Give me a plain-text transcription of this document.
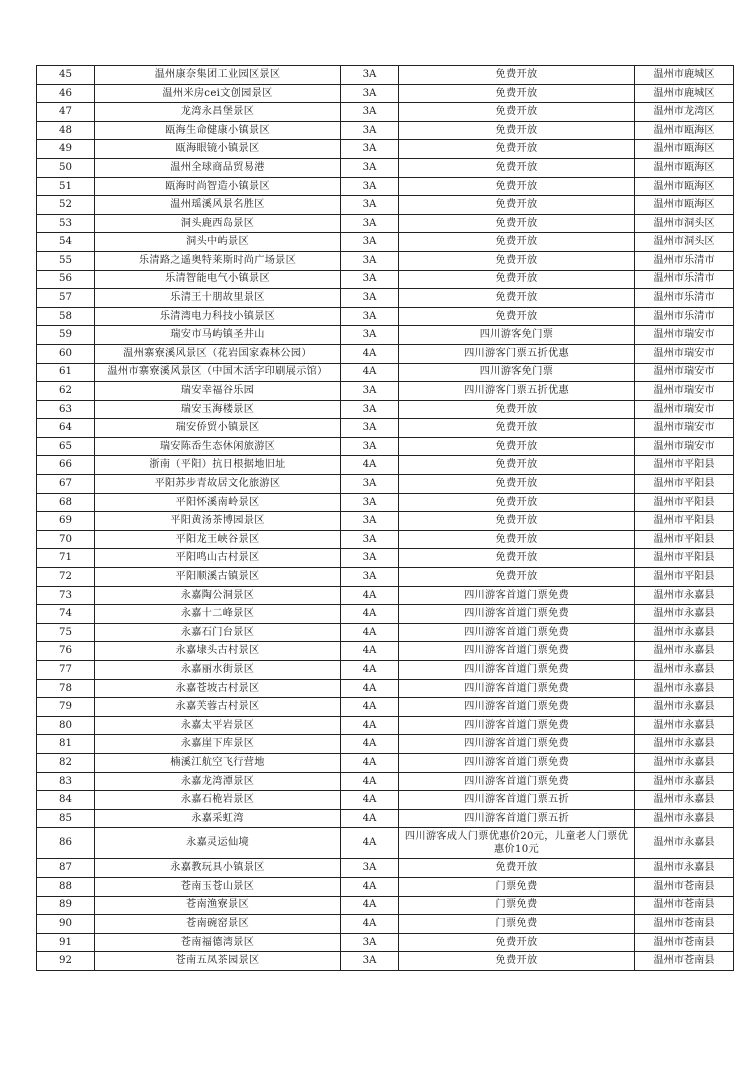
45	温州康奈集团工业园区景区	3A	免费开放	温州市鹿城区
46	温州米房cei文创园景区	3A	免费开放	温州市鹿城区
47	龙湾永昌堡景区	3A	免费开放	温州市龙湾区
48	瓯海生命健康小镇景区	3A	免费开放	温州市瓯海区
49	瓯海眼镜小镇景区	3A	免费开放	温州市瓯海区
50	温州全球商品贸易港	3A	免费开放	温州市瓯海区
51	瓯海时尚智造小镇景区	3A	免费开放	温州市瓯海区
52	温州瑶溪风景名胜区	3A	免费开放	温州市瓯海区
53	洞头鹿西岛景区	3A	免费开放	温州市洞头区
54	洞头中屿景区	3A	免费开放	温州市洞头区
55	乐清路之遥奥特莱斯时尚广场景区	3A	免费开放	温州市乐清市
56	乐清智能电气小镇景区	3A	免费开放	温州市乐清市
57	乐清王十朋故里景区	3A	免费开放	温州市乐清市
58	乐清湾电力科技小镇景区	3A	免费开放	温州市乐清市
59	瑞安市马屿镇圣井山	3A	四川游客免门票	温州市瑞安市
60	温州寨寮溪风景区（花岩国家森林公园）	4A	四川游客门票五折优惠	温州市瑞安市
61	温州市寨寮溪风景区（中国木活字印刷展示馆）	4A	四川游客免门票	温州市瑞安市
62	瑞安幸福谷乐园	3A	四川游客门票五折优惠	温州市瑞安市
63	瑞安玉海楼景区	3A	免费开放	温州市瑞安市
64	瑞安侨贸小镇景区	3A	免费开放	温州市瑞安市
65	瑞安陈岙生态休闲旅游区	3A	免费开放	温州市瑞安市
66	浙南（平阳）抗日根据地旧址	4A	免费开放	温州市平阳县
67	平阳苏步青故居文化旅游区	3A	免费开放	温州市平阳县
68	平阳怀溪南岭景区	3A	免费开放	温州市平阳县
69	平阳黄汤茶博园景区	3A	免费开放	温州市平阳县
70	平阳龙王峡谷景区	3A	免费开放	温州市平阳县
71	平阳鸣山古村景区	3A	免费开放	温州市平阳县
72	平阳顺溪古镇景区	3A	免费开放	温州市平阳县
73	永嘉陶公洞景区	4A	四川游客首道门票免费	温州市永嘉县
74	永嘉十二峰景区	4A	四川游客首道门票免费	温州市永嘉县
75	永嘉石门台景区	4A	四川游客首道门票免费	温州市永嘉县
76	永嘉埭头古村景区	4A	四川游客首道门票免费	温州市永嘉县
77	永嘉丽水街景区	4A	四川游客首道门票免费	温州市永嘉县
78	永嘉苍坡古村景区	4A	四川游客首道门票免费	温州市永嘉县
79	永嘉芙蓉古村景区	4A	四川游客首道门票免费	温州市永嘉县
80	永嘉太平岩景区	4A	四川游客首道门票免费	温州市永嘉县
81	永嘉崖下库景区	4A	四川游客首道门票免费	温州市永嘉县
82	楠溪江航空飞行营地	4A	四川游客首道门票免费	温州市永嘉县
83	永嘉龙湾潭景区	4A	四川游客首道门票免费	温州市永嘉县
84	永嘉石桅岩景区	4A	四川游客首道门票五折	温州市永嘉县
85	永嘉采虹湾	4A	四川游客首道门票五折	温州市永嘉县
86	永嘉灵运仙境	4A	四川游客成人门票优惠价20元，儿童老人门票优惠价10元	温州市永嘉县
87	永嘉教玩具小镇景区	3A	免费开放	温州市永嘉县
88	苍南玉苍山景区	4A	门票免费	温州市苍南县
89	苍南渔寮景区	4A	门票免费	温州市苍南县
90	苍南碗窑景区	4A	门票免费	温州市苍南县
91	苍南福德湾景区	3A	免费开放	温州市苍南县
92	苍南五凤茶园景区	3A	免费开放	温州市苍南县
